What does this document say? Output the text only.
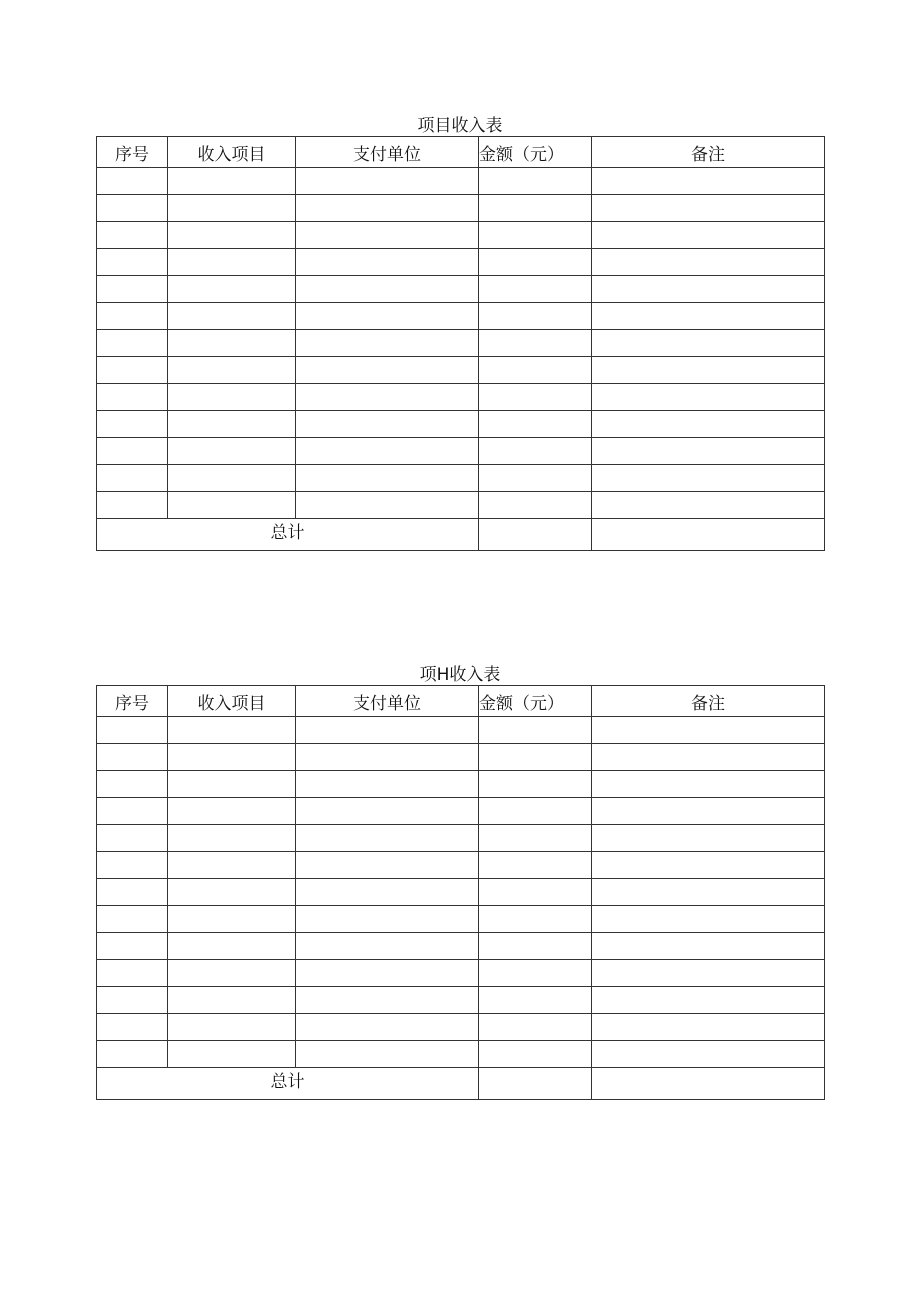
项目收入表
序号	收入项目	支付单位	金额（元）	备注

总计				
项H收入表
序号	收入项目	支付单位	金额（元）	备注

总计				
